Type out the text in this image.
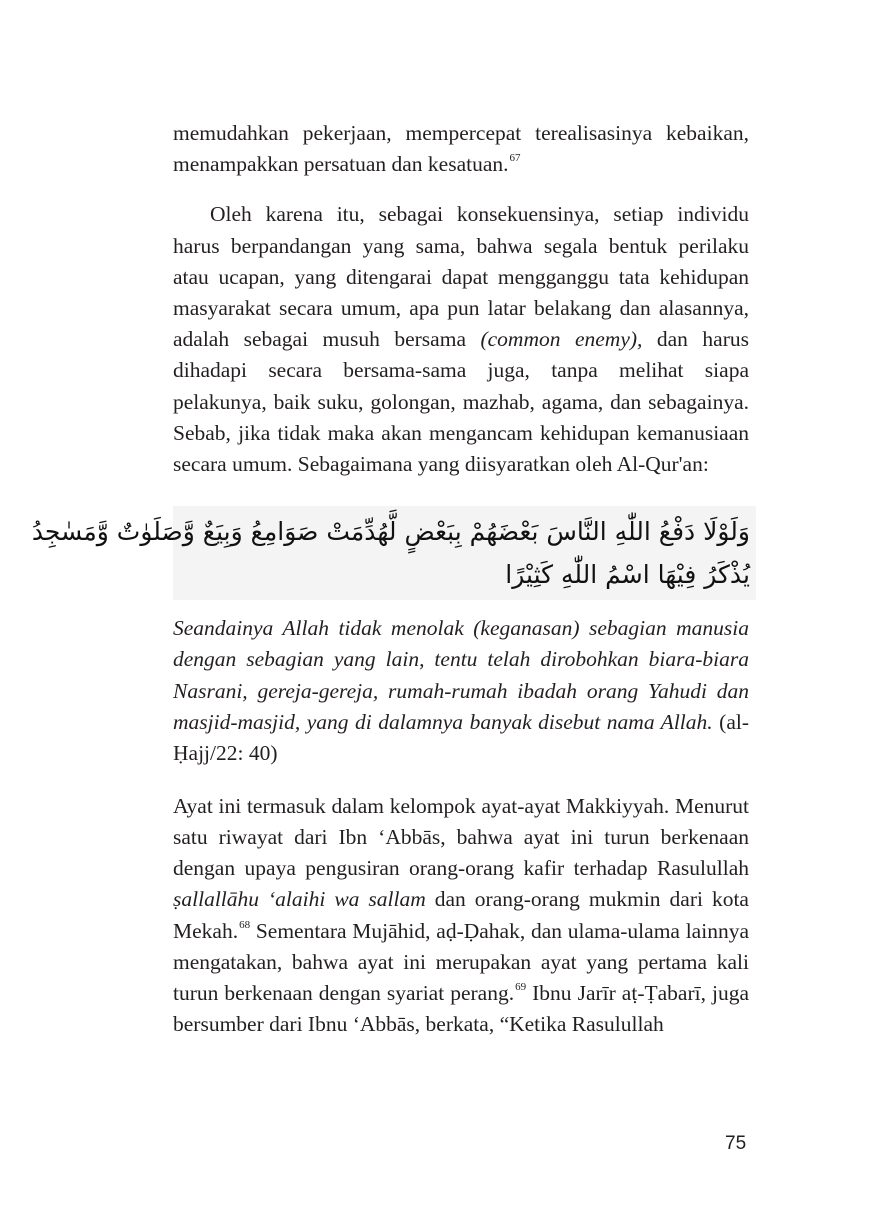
memudahkan pekerjaan, mempercepat terealisasinya kebaikan, menampakkan persatuan dan kesatuan.$^{67}$

Oleh karena itu, sebagai konsekuensinya, setiap individu harus berpandangan yang sama, bahwa segala bentuk perilaku atau ucapan, yang ditengarai dapat mengganggu tata kehidupan masyarakat secara umum, apa pun latar belakang dan alasannya, adalah sebagai musuh bersama (common enemy), dan harus dihadapi secara bersama-sama juga, tanpa melihat siapa pelakunya, baik suku, golongan, mazhab, agama, dan sebagainya. Sebab, jika tidak maka akan mengancam kehidupan kemanusiaan secara umum. Sebagaimana yang diisyaratkan oleh Al-Qur'an:

وَلَوْلَا دَفْعُ اللّٰهِ النَّاسَ بَعْضَهُمْ بِبَعْضٍ لَّهُدِّمَتْ صَوَامِعُ وَبِيَعٌ وَّصَلَوٰتٌ وَّمَسٰجِدُ
يُذْكَرُ فِيْهَا اسْمُ اللّٰهِ كَثِيْرًا

Seandainya Allah tidak menolak (keganasan) sebagian manusia dengan sebagian yang lain, tentu telah dirobohkan biara-biara Nasrani, gereja-gereja, rumah-rumah ibadah orang Yahudi dan masjid-masjid, yang di dalamnya banyak disebut nama Allah. (al-Ḥajj/22: 40)

Ayat ini termasuk dalam kelompok ayat-ayat Makkiyyah. Menurut satu riwayat dari Ibn ‘Abbās, bahwa ayat ini turun berkenaan dengan upaya pengusiran orang-orang kafir terhadap Rasulullah ṣallallāhu ‘alaihi wa sallam dan orang-orang mukmin dari kota Mekah.$^{68}$ Sementara Mujāhid, aḍ-Ḍahak, dan ulama-ulama lainnya mengatakan, bahwa ayat ini merupakan ayat yang pertama kali turun berkenaan dengan syariat perang.$^{69}$ Ibnu Jarīr aṭ-Ṭabarī, juga bersumber dari Ibnu ‘Abbās, berkata, “Ketika Rasulullah

75
